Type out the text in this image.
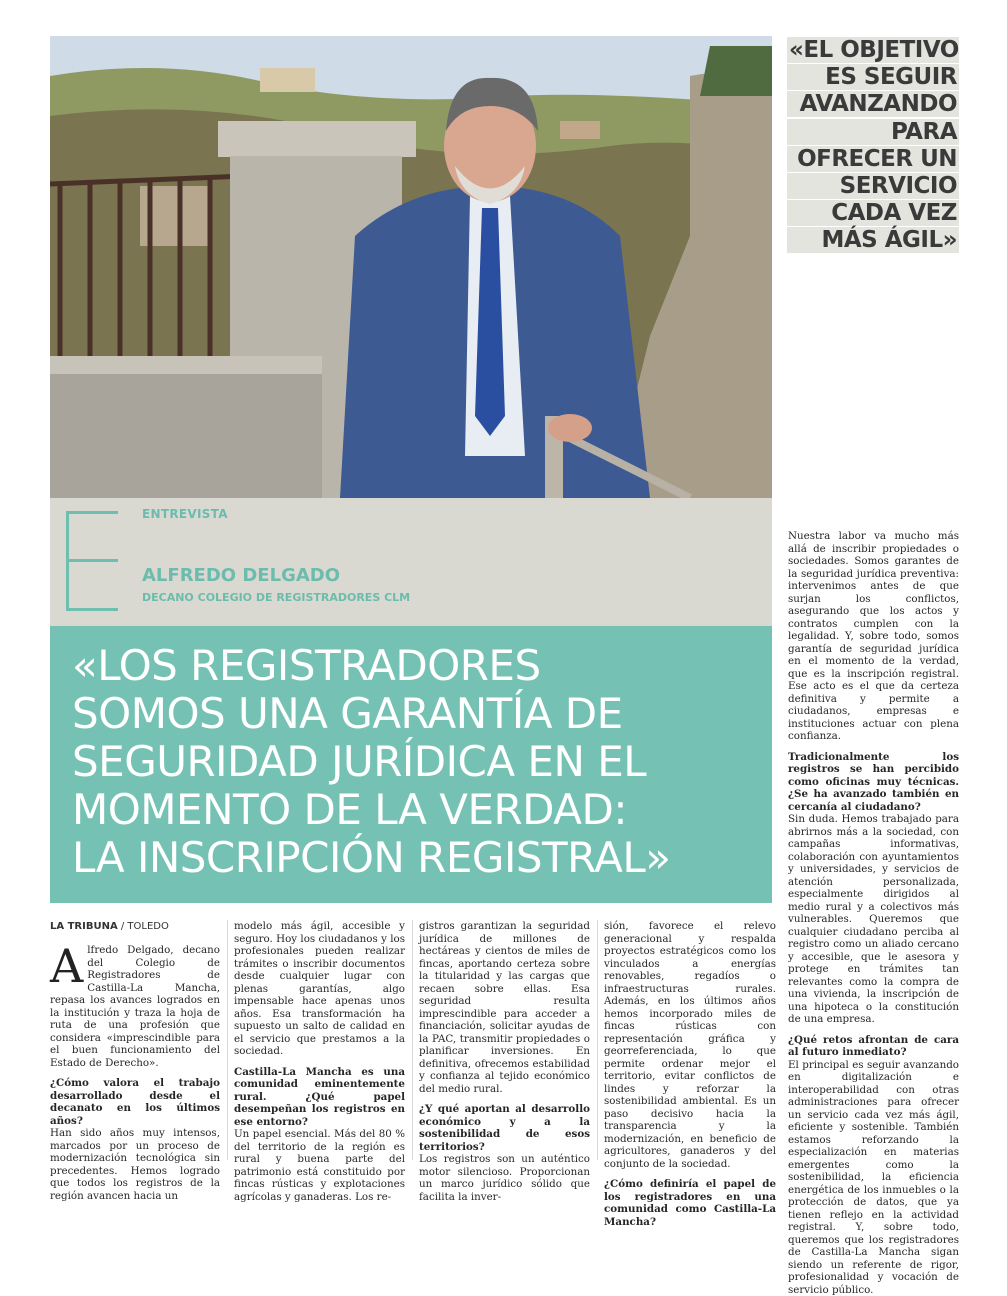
«EL OBJETIVO
ES SEGUIR
AVANZANDO
PARA
OFRECER UN
SERVICIO
CADA VEZ
MÁS ÁGIL»
ENTREVISTA
ALFREDO DELGADO
DECANO COLEGIO DE REGISTRADORES CLM
«LOS REGISTRADORES
SOMOS UNA GARANTÍA DE
SEGURIDAD JURÍDICA EN EL
MOMENTO DE LA VERDAD:
LA INSCRIPCIÓN REGISTRAL»
LA TRIBUNA / TOLEDO
A lfredo Delgado, decano del Colegio de Registradores de Castilla-La Mancha, repasa los avances logrados en la institución y traza la hoja de ruta de una profesión que considera «imprescindible para el buen funcionamiento del Estado de Derecho».

¿Cómo valora el trabajo desarrollado desde el decanato en los últimos años?

Han sido años muy intensos, marcados por un proceso de modernización tecnológica sin precedentes. Hemos logrado que todos los registros de la región avancen hacia un

modelo más ágil, accesible y seguro. Hoy los ciudadanos y los profesionales pueden realizar trámites o inscribir documentos desde cualquier lugar con plenas garantías, algo impensable hace apenas unos años. Esa transformación ha supuesto un salto de calidad en el servicio que prestamos a la sociedad.

Castilla-La Mancha es una comunidad eminentemente rural. ¿Qué papel desempeñan los registros en ese entorno?

Un papel esencial. Más del 80 % del territorio de la región es rural y buena parte del patrimonio está constituido por fincas rústicas y explotaciones agrícolas y ganaderas. Los re-

gistros garantizan la seguridad jurídica de millones de hectáreas y cientos de miles de fincas, aportando certeza sobre la titularidad y las cargas que recaen sobre ellas. Esa seguridad resulta imprescindible para acceder a financiación, solicitar ayudas de la PAC, transmitir propiedades o planificar inversiones. En definitiva, ofrecemos estabilidad y confianza al tejido económico del medio rural.

¿Y qué aportan al desarrollo económico y a la sostenibilidad de esos territorios?

Los registros son un auténtico motor silencioso. Proporcionan un marco jurídico sólido que facilita la inver-

sión, favorece el relevo generacional y respalda proyectos estratégicos como los vinculados a energías renovables, regadíos o infraestructuras rurales. Además, en los últimos años hemos incorporado miles de fincas rústicas con representación gráfica y georreferenciada, lo que permite ordenar mejor el territorio, evitar conflictos de lindes y reforzar la sostenibilidad ambiental. Es un paso decisivo hacia la transparencia y la modernización, en beneficio de agricultores, ganaderos y del conjunto de la sociedad.

¿Cómo definiría el papel de los registradores en una comunidad como Castilla-La Mancha?

Nuestra labor va mucho más allá de inscribir propiedades o sociedades. Somos garantes de la seguridad jurídica preventiva: intervenimos antes de que surjan los conflictos, asegurando que los actos y contratos cumplen con la legalidad. Y, sobre todo, somos garantía de seguridad jurídica en el momento de la verdad, que es la inscripción registral. Ese acto es el que da certeza definitiva y permite a ciudadanos, empresas e instituciones actuar con plena confianza.

Tradicionalmente los registros se han percibido como oficinas muy técnicas. ¿Se ha avanzado también en cercanía al ciudadano?

Sin duda. Hemos trabajado para abrirnos más a la sociedad, con campañas informativas, colaboración con ayuntamientos y universidades, y servicios de atención personalizada, especialmente dirigidos al medio rural y a colectivos más vulnerables. Queremos que cualquier ciudadano perciba al registro como un aliado cercano y accesible, que le asesora y protege en trámites tan relevantes como la compra de una vivienda, la inscripción de una hipoteca o la constitución de una empresa.

¿Qué retos afrontan de cara al futuro inmediato?

El principal es seguir avanzando en digitalización e interoperabilidad con otras administraciones para ofrecer un servicio cada vez más ágil, eficiente y sostenible. También estamos reforzando la especialización en materias emergentes como la sostenibilidad, la eficiencia energética de los inmuebles o la protección de datos, que ya tienen reflejo en la actividad registral. Y, sobre todo, queremos que los registradores de Castilla-La Mancha sigan siendo un referente de rigor, profesionalidad y vocación de servicio público.
